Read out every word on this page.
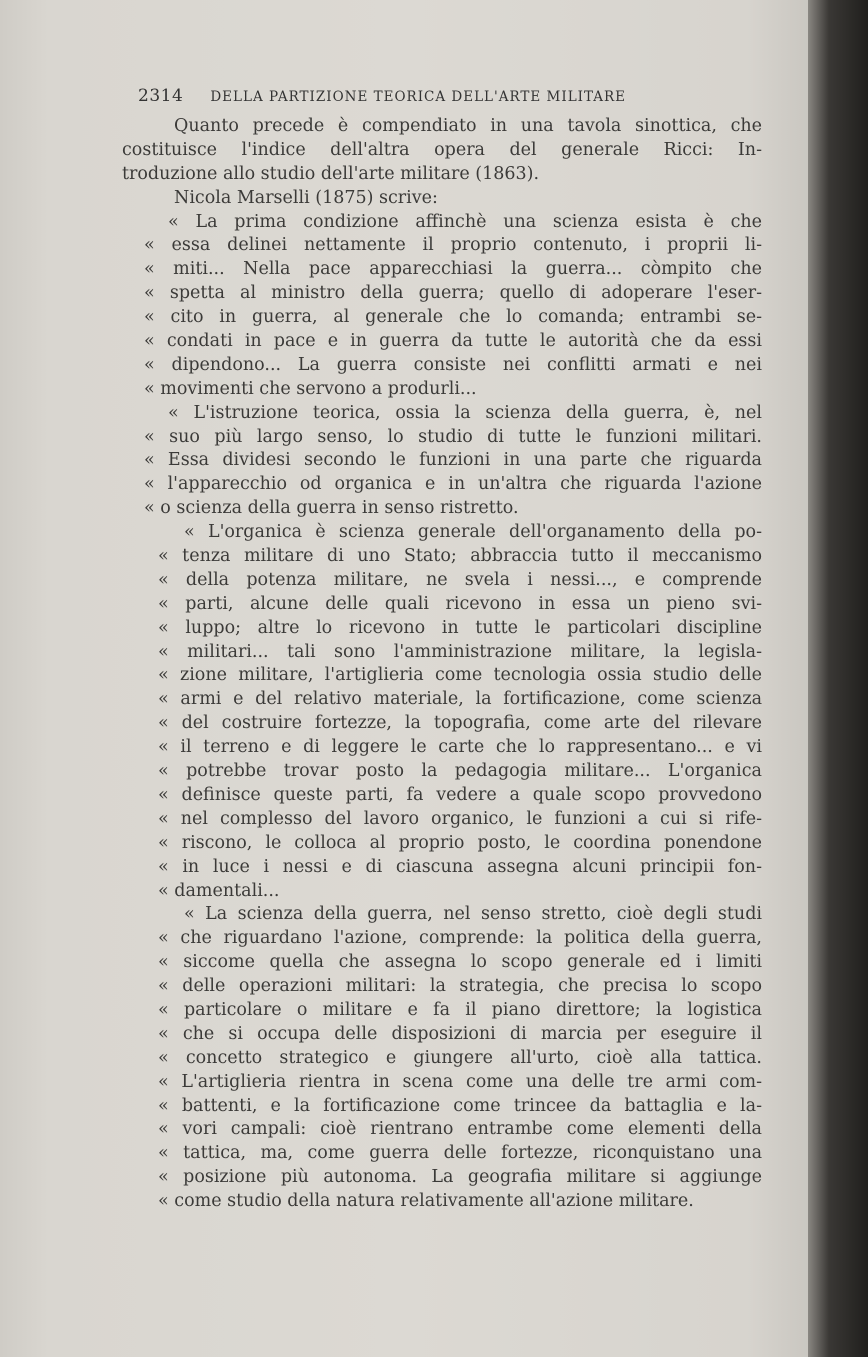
2314 DELLA PARTIZIONE TEORICA DELL'ARTE MILITARE
Quanto precede è compendiato in una tavola sinottica, che
costituisce l'indice dell'altra opera del generale Ricci: In-
troduzione allo studio dell'arte militare (1863).
Nicola Marselli (1875) scrive:
« La prima condizione affinchè una scienza esista è che
« essa delinei nettamente il proprio contenuto, i proprii li-
« miti... Nella pace apparecchiasi la guerra... còmpito che
« spetta al ministro della guerra; quello di adoperare l'eser-
« cito in guerra, al generale che lo comanda; entrambi se-
« condati in pace e in guerra da tutte le autorità che da essi
« dipendono... La guerra consiste nei conflitti armati e nei
« movimenti che servono a produrli...
« L'istruzione teorica, ossia la scienza della guerra, è, nel
« suo più largo senso, lo studio di tutte le funzioni militari.
« Essa dividesi secondo le funzioni in una parte che riguarda
« l'apparecchio od organica e in un'altra che riguarda l'azione
« o scienza della guerra in senso ristretto.
« L'organica è scienza generale dell'organamento della po-
« tenza militare di uno Stato; abbraccia tutto il meccanismo
« della potenza militare, ne svela i nessi..., e comprende
« parti, alcune delle quali ricevono in essa un pieno svi-
« luppo; altre lo ricevono in tutte le particolari discipline
« militari... tali sono l'amministrazione militare, la legisla-
« zione militare, l'artiglieria come tecnologia ossia studio delle
« armi e del relativo materiale, la fortificazione, come scienza
« del costruire fortezze, la topografia, come arte del rilevare
« il terreno e di leggere le carte che lo rappresentano... e vi
« potrebbe trovar posto la pedagogia militare... L'organica
« definisce queste parti, fa vedere a quale scopo provvedono
« nel complesso del lavoro organico, le funzioni a cui si rife-
« riscono, le colloca al proprio posto, le coordina ponendone
« in luce i nessi e di ciascuna assegna alcuni principii fon-
« damentali...
« La scienza della guerra, nel senso stretto, cioè degli studi
« che riguardano l'azione, comprende: la politica della guerra,
« siccome quella che assegna lo scopo generale ed i limiti
« delle operazioni militari: la strategia, che precisa lo scopo
« particolare o militare e fa il piano direttore; la logistica
« che si occupa delle disposizioni di marcia per eseguire il
« concetto strategico e giungere all'urto, cioè alla tattica.
« L'artiglieria rientra in scena come una delle tre armi com-
« battenti, e la fortificazione come trincee da battaglia e la-
« vori campali: cioè rientrano entrambe come elementi della
« tattica, ma, come guerra delle fortezze, riconquistano una
« posizione più autonoma. La geografia militare si aggiunge
« come studio della natura relativamente all'azione militare.
